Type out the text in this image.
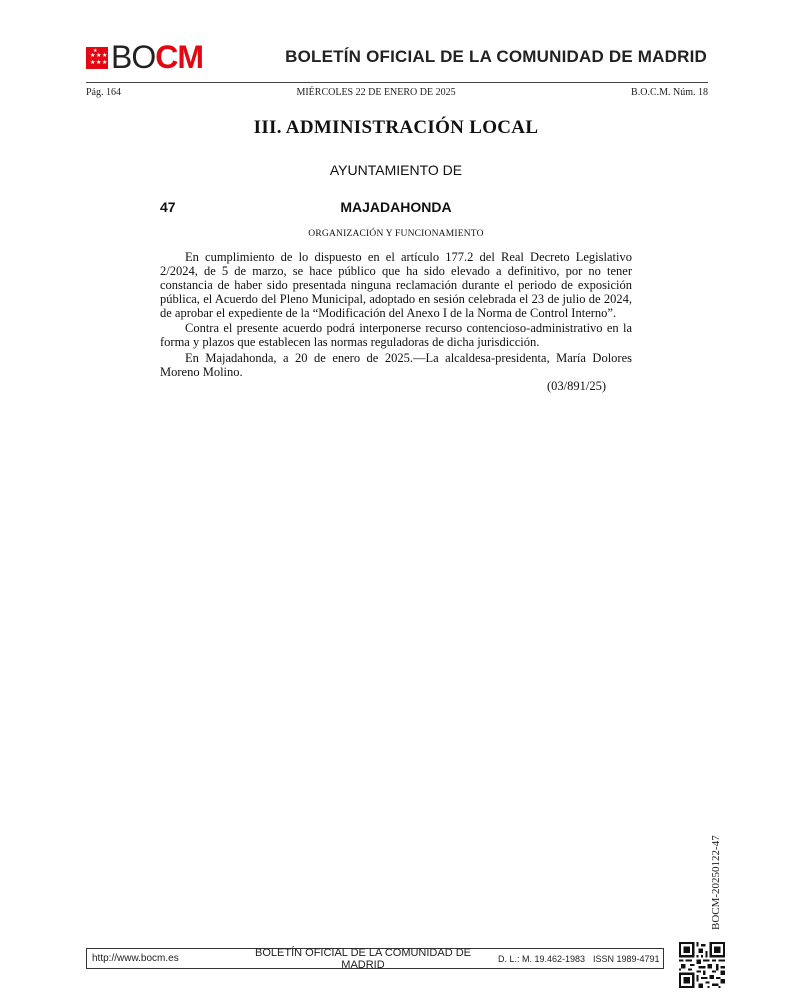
★ ★ ★
★ ★ ★
★ BOCM	BOLETÍN OFICIAL DE LA COMUNIDAD DE MADRID
Pág. 164	MIÉRCOLES 22 DE ENERO DE 2025	B.O.C.M. Núm. 18
III. ADMINISTRACIÓN LOCAL
AYUNTAMIENTO DE
47	MAJADAHONDA
ORGANIZACIÓN Y FUNCIONAMIENTO

En cumplimiento de lo dispuesto en el artículo 177.2 del Real Decreto Legislativo 2/2024, de 5 de marzo, se hace público que ha sido elevado a definitivo, por no tener constancia de haber sido presentada ninguna reclamación durante el periodo de exposición pública, el Acuerdo del Pleno Municipal, adoptado en sesión celebrada el 23 de julio de 2024, de aprobar el expediente de la “Modificación del Anexo I de la Norma de Control Interno”.

Contra el presente acuerdo podrá interponerse recurso contencioso-administrativo en la forma y plazos que establecen las normas reguladoras de dicha jurisdicción.

En Majadahonda, a 20 de enero de 2025.—La alcaldesa-presidenta, María Dolores Moreno Molino.

(03/891/25)
BOCM-20250122-47
http://www.bocm.es	BOLETÍN OFICIAL DE LA COMUNIDAD DE MADRID	D. L.: M. 19.462-1983 ISSN 1989-4791
